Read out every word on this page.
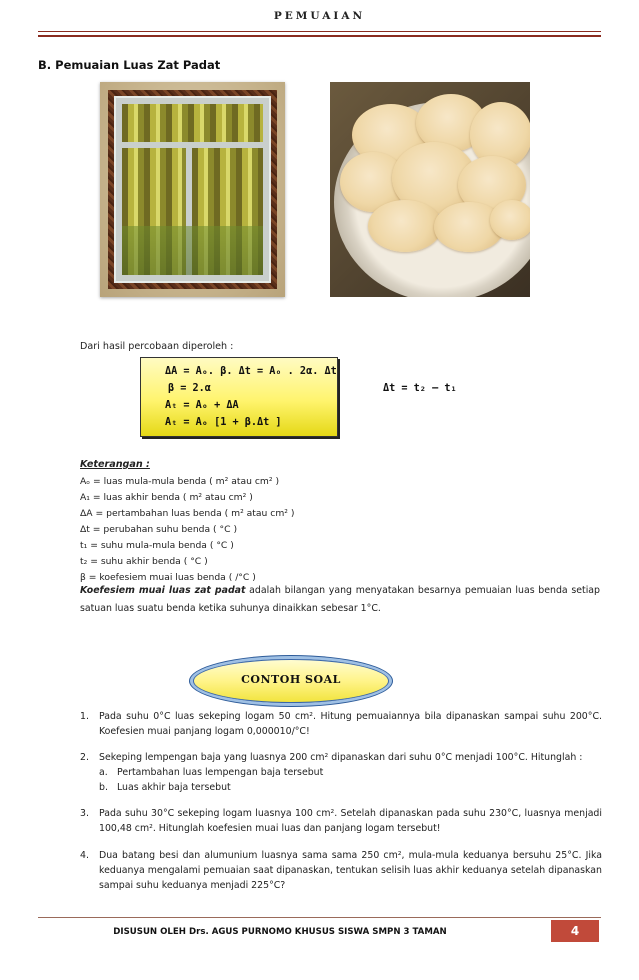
PEMUAIAN
B. Pemuaian Luas Zat Padat
Dari hasil percobaan diperoleh :
ΔA = Aₒ. β. Δt = Aₒ . 2α. Δt
β = 2.α
Aₜ = Aₒ + ΔA
Aₜ = Aₒ [1 + β.Δt ]
Δt = t₂ – t₁
Keterangan :
Aₒ = luas mula-mula benda ( m² atau cm² )
A₁ = luas akhir benda ( m² atau cm² )
ΔA = pertambahan luas benda ( m² atau cm² )
Δt = perubahan suhu benda ( °C )
t₁ = suhu mula-mula benda ( °C )
t₂ = suhu akhir benda ( °C )
β = koefesiem muai luas benda ( /°C )
Koefesiem muai luas zat padat adalah bilangan yang menyatakan besarnya pemuaian luas benda setiap satuan luas suatu benda ketika suhunya dinaikkan sebesar 1°C.
CONTOH SOAL
1. Pada suhu 0°C luas sekeping logam 50 cm². Hitung pemuaiannya bila dipanaskan sampai suhu 200°C. Koefesien muai panjang logam 0,000010/°C!
2. Sekeping lempengan baja yang luasnya 200 cm² dipanaskan dari suhu 0°C menjadi 100°C. Hitunglah :
a. Pertambahan luas lempengan baja tersebut
b. Luas akhir baja tersebut
3. Pada suhu 30°C sekeping logam luasnya 100 cm². Setelah dipanaskan pada suhu 230°C, luasnya menjadi 100,48 cm². Hitunglah koefesien muai luas dan panjang logam tersebut!
4. Dua batang besi dan alumunium luasnya sama sama 250 cm², mula-mula keduanya bersuhu 25°C. Jika keduanya mengalami pemuaian saat dipanaskan, tentukan selisih luas akhir keduanya setelah dipanaskan sampai suhu keduanya menjadi 225°C?
DISUSUN OLEH Drs. AGUS PURNOMO KHUSUS SISWA SMPN 3 TAMAN	4
